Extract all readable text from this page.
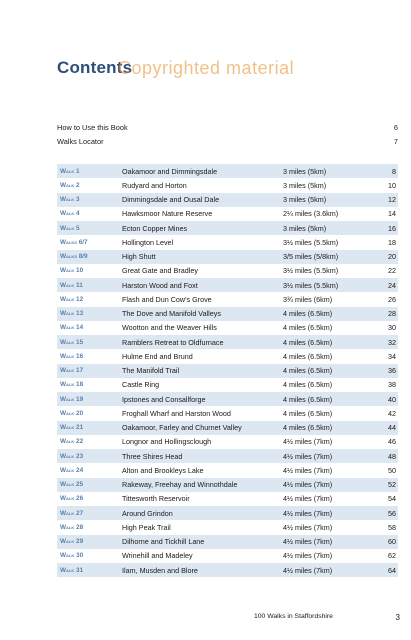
Contents
Copyrighted material
How to Use this Book	6
Walks Locator	7
Walk 1	Oakamoor and Dimmingsdale	3 miles (5km)	8
Walk 2	Rudyard and Horton	3 miles (5km)	10
Walk 3	Dimmingsdale and Ousal Dale	3 miles (5km)	12
Walk 4	Hawksmoor Nature Reserve	2¼ miles (3.6km)	14
Walk 5	Ecton Copper Mines	3 miles (5km)	16
Walks 6/7	Hollington Level	3½ miles (5.5km)	18
Walks 8/9	High Shutt	3/5 miles (5/8km)	20
Walk 10	Great Gate and Bradley	3½ miles (5.5km)	22
Walk 11	Harston Wood and Foxt	3½ miles (5.5km)	24
Walk 12	Flash and Dun Cow's Grove	3¾ miles (6km)	26
Walk 13	The Dove and Manifold Valleys	4 miles (6.5km)	28
Walk 14	Wootton and the Weaver Hills	4 miles (6.5km)	30
Walk 15	Ramblers Retreat to Oldfurnace	4 miles (6.5km)	32
Walk 16	Hulme End and Brund	4 miles (6.5km)	34
Walk 17	The Manifold Trail	4 miles (6.5km)	36
Walk 18	Castle Ring	4 miles (6.5km)	38
Walk 19	Ipstones and Consallforge	4 miles (6.5km)	40
Walk 20	Froghall Wharf and Harston Wood	4 miles (6.5km)	42
Walk 21	Oakamoor, Farley and Churnet Valley	4 miles (6.5km)	44
Walk 22	Longnor and Hollingsclough	4½ miles (7km)	46
Walk 23	Three Shires Head	4½ miles (7km)	48
Walk 24	Alton and Brookleys Lake	4½ miles (7km)	50
Walk 25	Rakeway, Freehay and Winnothdale	4½ miles (7km)	52
Walk 26	Tittesworth Reservoir	4½ miles (7km)	54
Walk 27	Around Grindon	4½ miles (7km)	56
Walk 28	High Peak Trail	4½ miles (7km)	58
Walk 29	Dilhorne and Tickhill Lane	4½ miles (7km)	60
Walk 30	Wrinehill and Madeley	4½ miles (7km)	62
Walk 31	Ilam, Musden and Blore	4½ miles (7km)	64
100 Walks in Staffordshire	3
